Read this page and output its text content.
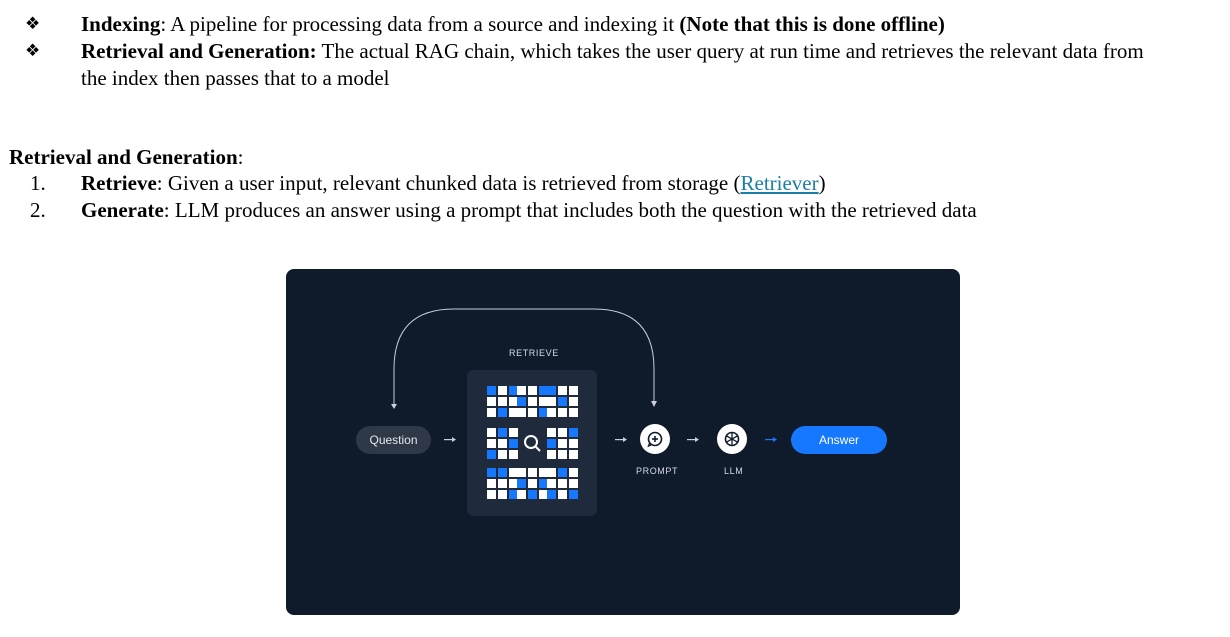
❖ Indexing: A pipeline for processing data from a source and indexing it (Note that this is done offline)
❖ Retrieval and Generation: The actual RAG chain, which takes the user query at run time and retrieves the relevant data from
the index then passes that to a model
Retrieval and Generation:
1. Retrieve: Given a user input, relevant chunked data is retrieved from storage (Retriever)
2. Generate: LLM produces an answer using a prompt that includes both the question with the retrieved data
RETRIEVE
Question
PROMPT	LLM
Answer
